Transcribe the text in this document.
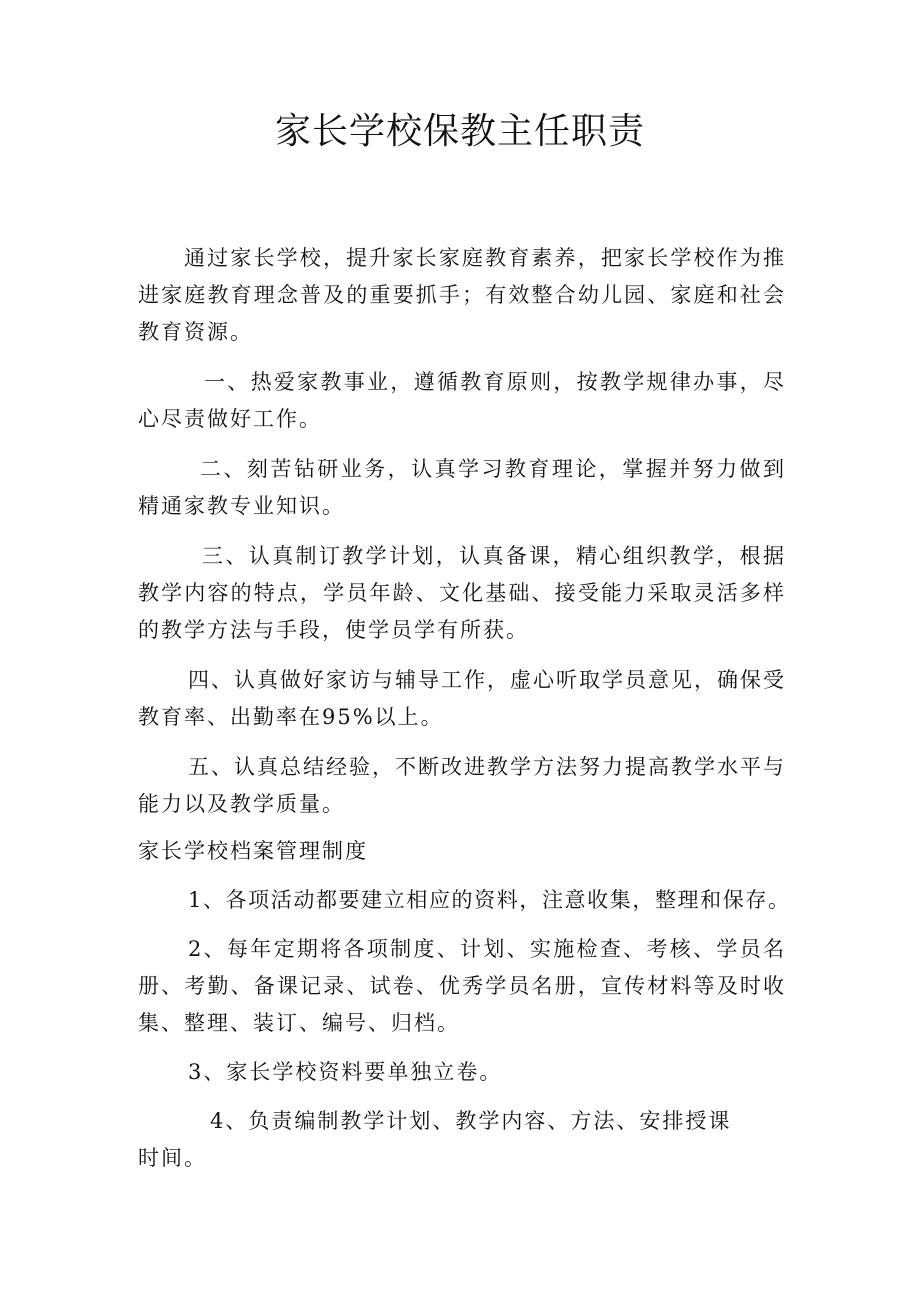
家长学校保教主任职责

通过家长学校，提升家长家庭教育素养，把家长学校作为推进家庭教育理念普及的重要抓手；有效整合幼儿园、家庭和社会教育资源。

一、热爱家教事业，遵循教育原则，按教学规律办事，尽心尽责做好工作。

二、刻苦钻研业务，认真学习教育理论，掌握并努力做到精通家教专业知识。

三、认真制订教学计划，认真备课，精心组织教学，根据教学内容的特点，学员年龄、文化基础、接受能力采取灵活多样的教学方法与手段，使学员学有所获。

四、认真做好家访与辅导工作，虚心听取学员意见，确保受教育率、出勤率在95%以上。

五、认真总结经验，不断改进教学方法努力提高教学水平与能力以及教学质量。

家长学校档案管理制度

1、各项活动都要建立相应的资料，注意收集，整理和保存。

2、每年定期将各项制度、计划、实施检查、考核、学员名册、考勤、备课记录、试卷、优秀学员名册，宣传材料等及时收集、整理、装订、编号、归档。

3、家长学校资料要单独立卷。

4、负责编制教学计划、教学内容、方法、安排授课

时间。
